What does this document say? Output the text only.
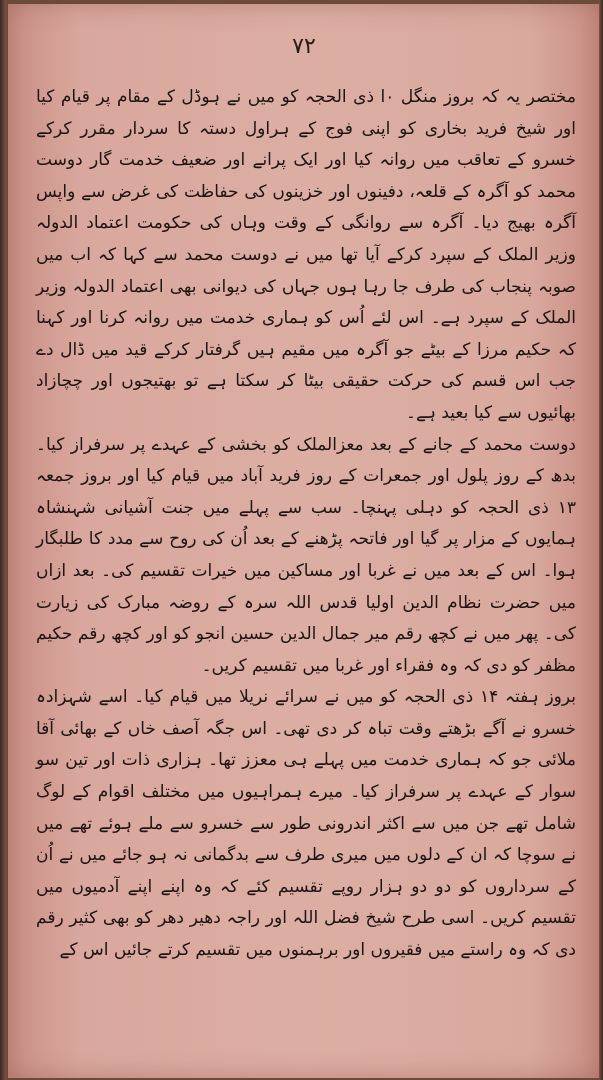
۷۲

مختصر یہ کہ بروز منگل ۰ا ذی الحجہ کو میں نے ہوڈل کے مقام پر قیام کیا اور شیخ فرید بخاری کو اپنی فوج کے ہراول دستہ کا سردار مقرر کرکے خسرو کے تعاقب میں روانہ کیا اور ایک پرانے اور ضعیف خدمت گار دوست محمد کو آگرہ کے قلعہ، دفینوں اور خزینوں کی حفاظت کی غرض سے واپس آگرہ بھیج دیا۔ آگرہ سے روانگی کے وقت وہاں کی حکومت اعتماد الدولہ وزیر الملک کے سپرد کرکے آیا تھا میں نے دوست محمد سے کہا کہ اب میں صوبہ پنجاب کی طرف جا رہا ہوں جہاں کی دیوانی بھی اعتماد الدولہ وزیر الملک کے سپرد ہے۔ اس لئے اُس کو ہماری خدمت میں روانہ کرنا اور کہنا کہ حکیم مرزا کے بیٹے جو آگرہ میں مقیم ہیں گرفتار کرکے قید میں ڈال دے جب اس قسم کی حرکت حقیقی بیٹا کر سکتا ہے تو بھتیجوں اور چچازاد بھائیوں سے کیا بعید ہے۔

دوست محمد کے جانے کے بعد معزالملک کو بخشی کے عہدے پر سرفراز کیا۔ بدھ کے روز پلول اور جمعرات کے روز فرید آباد میں قیام کیا اور بروز جمعہ ۱۳ ذی الحجہ کو دہلی پہنچا۔ سب سے پہلے میں جنت آشیانی شہنشاہ ہمایوں کے مزار پر گیا اور فاتحہ پڑھنے کے بعد اُن کی روح سے مدد کا طلبگار ہوا۔ اس کے بعد میں نے غربا اور مساکین میں خیرات تقسیم کی۔ بعد ازاں میں حضرت نظام الدین اولیا قدس اللہ سرہ کے روضہ مبارک کی زیارت کی۔ پھر میں نے کچھ رقم میر جمال الدین حسین انجو کو اور کچھ رقم حکیم مظفر کو دی کہ وہ فقراء اور غربا میں تقسیم کریں۔

بروز ہفتہ ۱۴ ذی الحجہ کو میں نے سرائے نریلا میں قیام کیا۔ اسے شہزادہ خسرو نے آگے بڑھتے وقت تباہ کر دی تھی۔ اس جگہ آصف خاں کے بھائی آقا ملائی جو کہ ہماری خدمت میں پہلے ہی معزز تھا۔ ہزاری ذات اور تین سو سوار کے عہدے پر سرفراز کیا۔ میرے ہمراہیوں میں مختلف اقوام کے لوگ شامل تھے جن میں سے اکثر اندرونی طور سے خسرو سے ملے ہوئے تھے میں نے سوچا کہ ان کے دلوں میں میری طرف سے بدگمانی نہ ہو جائے میں نے اُن کے سرداروں کو دو دو ہزار روپے تقسیم کئے کہ وہ اپنے اپنے آدمیوں میں تقسیم کریں۔ اسی طرح شیخ فضل اللہ اور راجہ دھیر دھر کو بھی کثیر رقم دی کہ وہ راستے میں فقیروں اور برہمنوں میں تقسیم کرتے جائیں اس کے
